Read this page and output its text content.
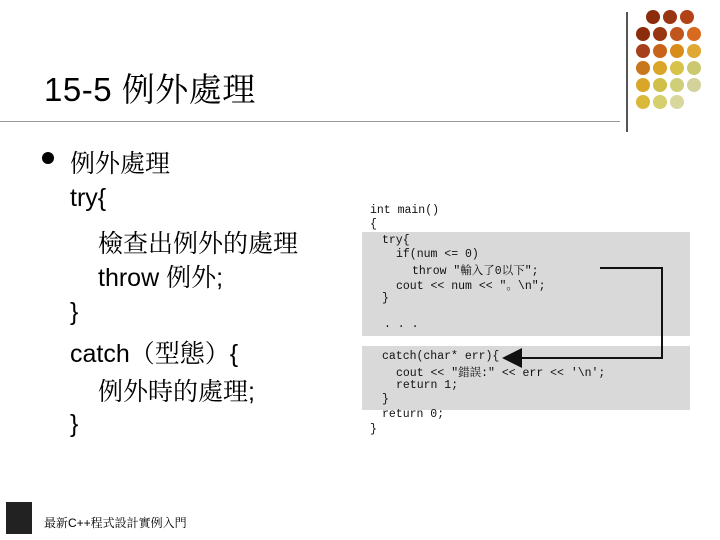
15-5 例外處理
例外處理
try{
檢查出例外的處理
throw 例外;
}
catch（型態）{
例外時的處理;
}
int main()
{
try{
if(num <= 0)
throw "輸入了0以下";
cout << num << "。\n";
}
. . .
catch(char* err){
cout << "錯誤:" << err << '\n';
return 1;
}
return 0;
}
最新C++程式設計實例入門
